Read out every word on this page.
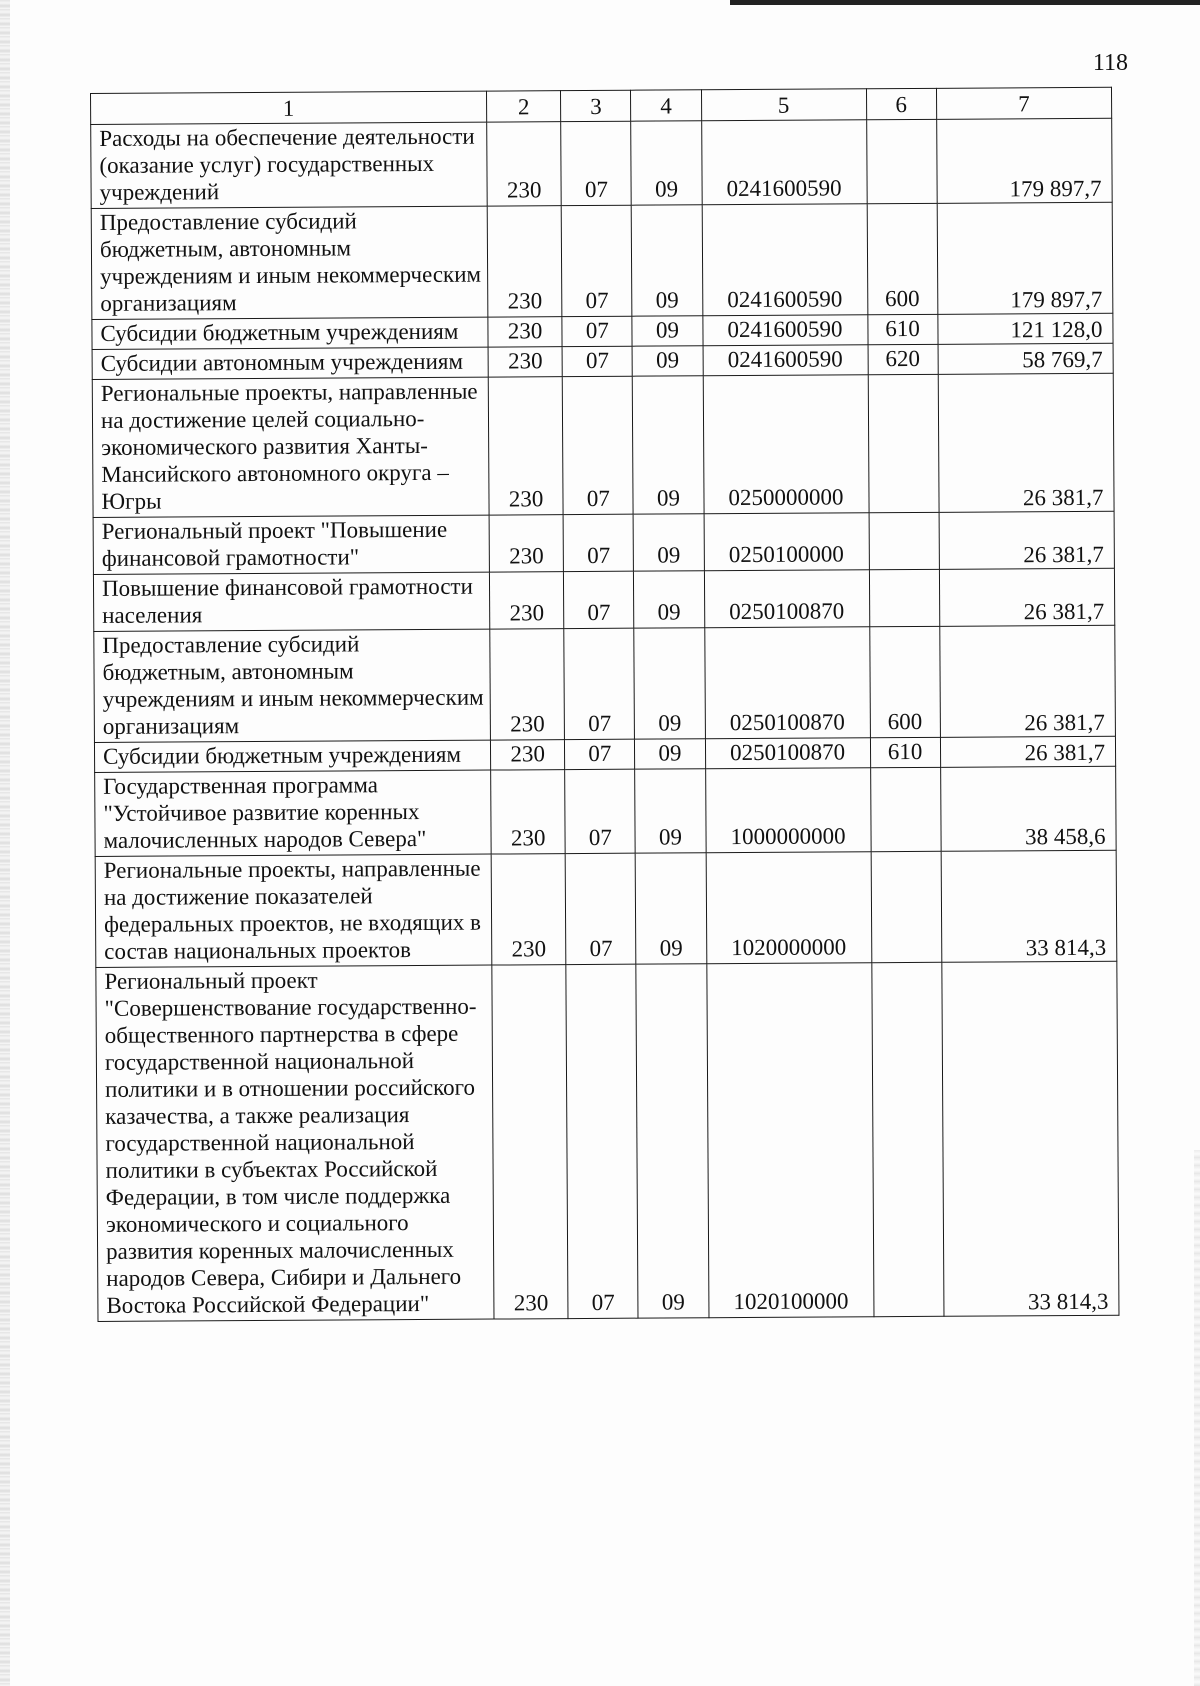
118
1	2	3	4	5	6	7
Расходы на обеспечение деятельности (оказание услуг) государственных учреждений	230	07	09	0241600590		179 897,7
Предоставление субсидий бюджетным, автономным учреждениям и иным некоммерческим организациям	230	07	09	0241600590	600	179 897,7
Субсидии бюджетным учреждениям	230	07	09	0241600590	610	121 128,0
Субсидии автономным учреждениям	230	07	09	0241600590	620	58 769,7
Региональные проекты, направленные на достижение целей социально-экономического развития Ханты-Мансийского автономного округа – Югры	230	07	09	0250000000		26 381,7
Региональный проект "Повышение финансовой грамотности"	230	07	09	0250100000		26 381,7
Повышение финансовой грамотности населения	230	07	09	0250100870		26 381,7
Предоставление субсидий бюджетным, автономным учреждениям и иным некоммерческим организациям	230	07	09	0250100870	600	26 381,7
Субсидии бюджетным учреждениям	230	07	09	0250100870	610	26 381,7
Государственная программа "Устойчивое развитие коренных малочисленных народов Севера"	230	07	09	1000000000		38 458,6
Региональные проекты, направленные на достижение показателей федеральных проектов, не входящих в состав национальных проектов	230	07	09	1020000000		33 814,3
Региональный проект "Совершенствование государственно-общественного партнерства в сфере государственной национальной политики и в отношении российского казачества, а также реализация государственной национальной политики в субъектах Российской Федерации, в том числе поддержка экономического и социального развития коренных малочисленных народов Севера, Сибири и Дальнего Востока Российской Федерации"	230	07	09	1020100000		33 814,3
